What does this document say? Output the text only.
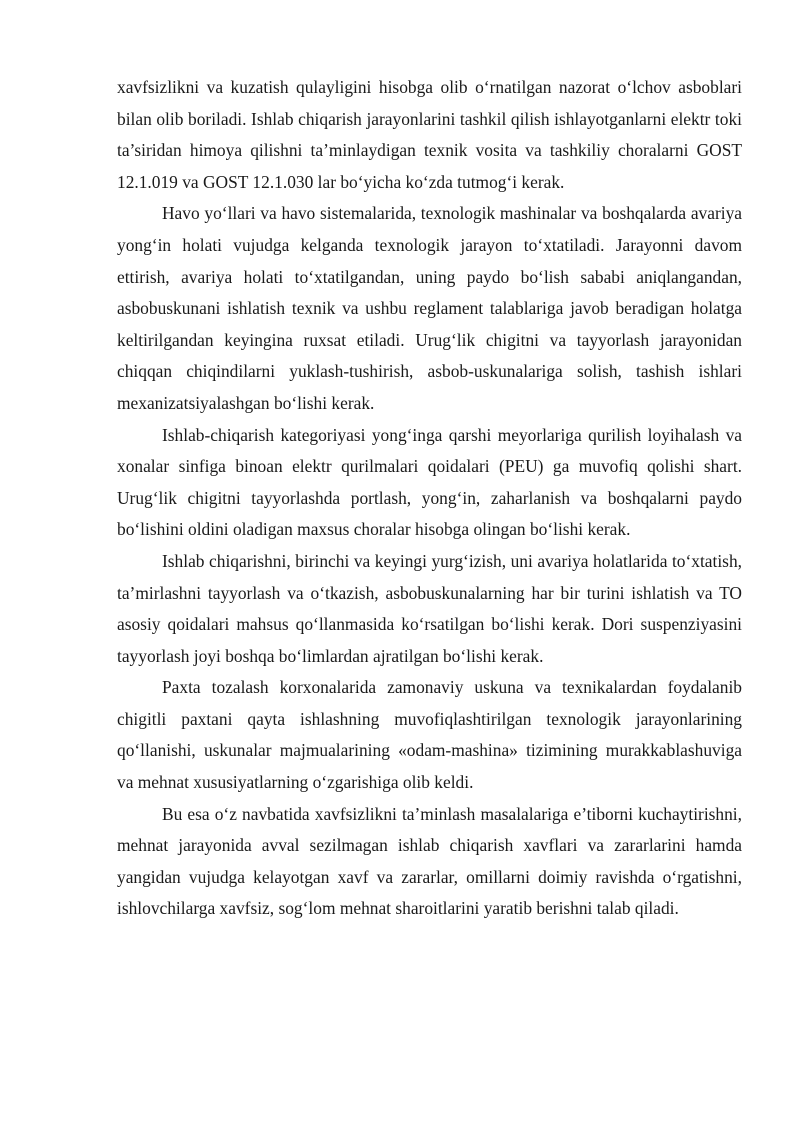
xavfsizlikni va kuzatish qulayligini hisobga olib o‘rnatilgan nazorat o‘lchov asboblari bilan olib boriladi. Ishlab chiqarish jarayonlarini tashkil qilish ishlayotganlarni elektr toki ta’siridan himoya qilishni ta’minlaydigan texnik vosita va tashkiliy choralarni GOST 12.1.019 va GOST 12.1.030 lar bo‘yicha ko‘zda tutmog‘i kerak.

Havo yo‘llari va havo sistemalarida, texnologik mashinalar va boshqalarda avariya yong‘in holati vujudga kelganda texnologik jarayon to‘xtatiladi. Jarayonni davom ettirish, avariya holati to‘xtatilgandan, uning paydo bo‘lish sababi aniqlangandan, asbobuskunani ishlatish texnik va ushbu reglament talablariga javob beradigan holatga keltirilgandan keyingina ruxsat etiladi. Urug‘lik chigitni va tayyorlash jarayonidan chiqqan chiqindilarni yuklash-tushirish, asbob-uskunalariga solish, tashish ishlari mexanizatsiyalashgan bo‘lishi kerak.

Ishlab-chiqarish kategoriyasi yong‘inga qarshi meyorlariga qurilish loyihalash va xonalar sinfiga binoan elektr qurilmalari qoidalari (PEU) ga muvofiq qolishi shart. Urug‘lik chigitni tayyorlashda portlash, yong‘in, zaharlanish va boshqalarni paydo bo‘lishini oldini oladigan maxsus choralar hisobga olingan bo‘lishi kerak.

Ishlab chiqarishni, birinchi va keyingi yurg‘izish, uni avariya holatlarida to‘xtatish, ta’mirlashni tayyorlash va o‘tkazish, asbobuskunalarning har bir turini ishlatish va TO asosiy qoidalari mahsus qo‘llanmasida ko‘rsatilgan bo‘lishi kerak. Dori suspenziyasini tayyorlash joyi boshqa bo‘limlardan ajratilgan bo‘lishi kerak.

Paxta tozalash korxonalarida zamonaviy uskuna va texnikalardan foydalanib chigitli paxtani qayta ishlashning muvofiqlashtirilgan texnologik jarayonlarining qo‘llanishi, uskunalar majmualarining «odam-mashina» tizimining murakkablashuviga va mehnat xususiyatlarning o‘zgarishiga olib keldi.

Bu esa o‘z navbatida xavfsizlikni ta’minlash masalalariga e’tiborni kuchaytirishni, mehnat jarayonida avval sezilmagan ishlab chiqarish xavflari va zararlarini hamda yangidan vujudga kelayotgan xavf va zararlar, omillarni doimiy ravishda o‘rgatishni, ishlovchilarga xavfsiz, sog‘lom mehnat sharoitlarini yaratib berishni talab qiladi.
